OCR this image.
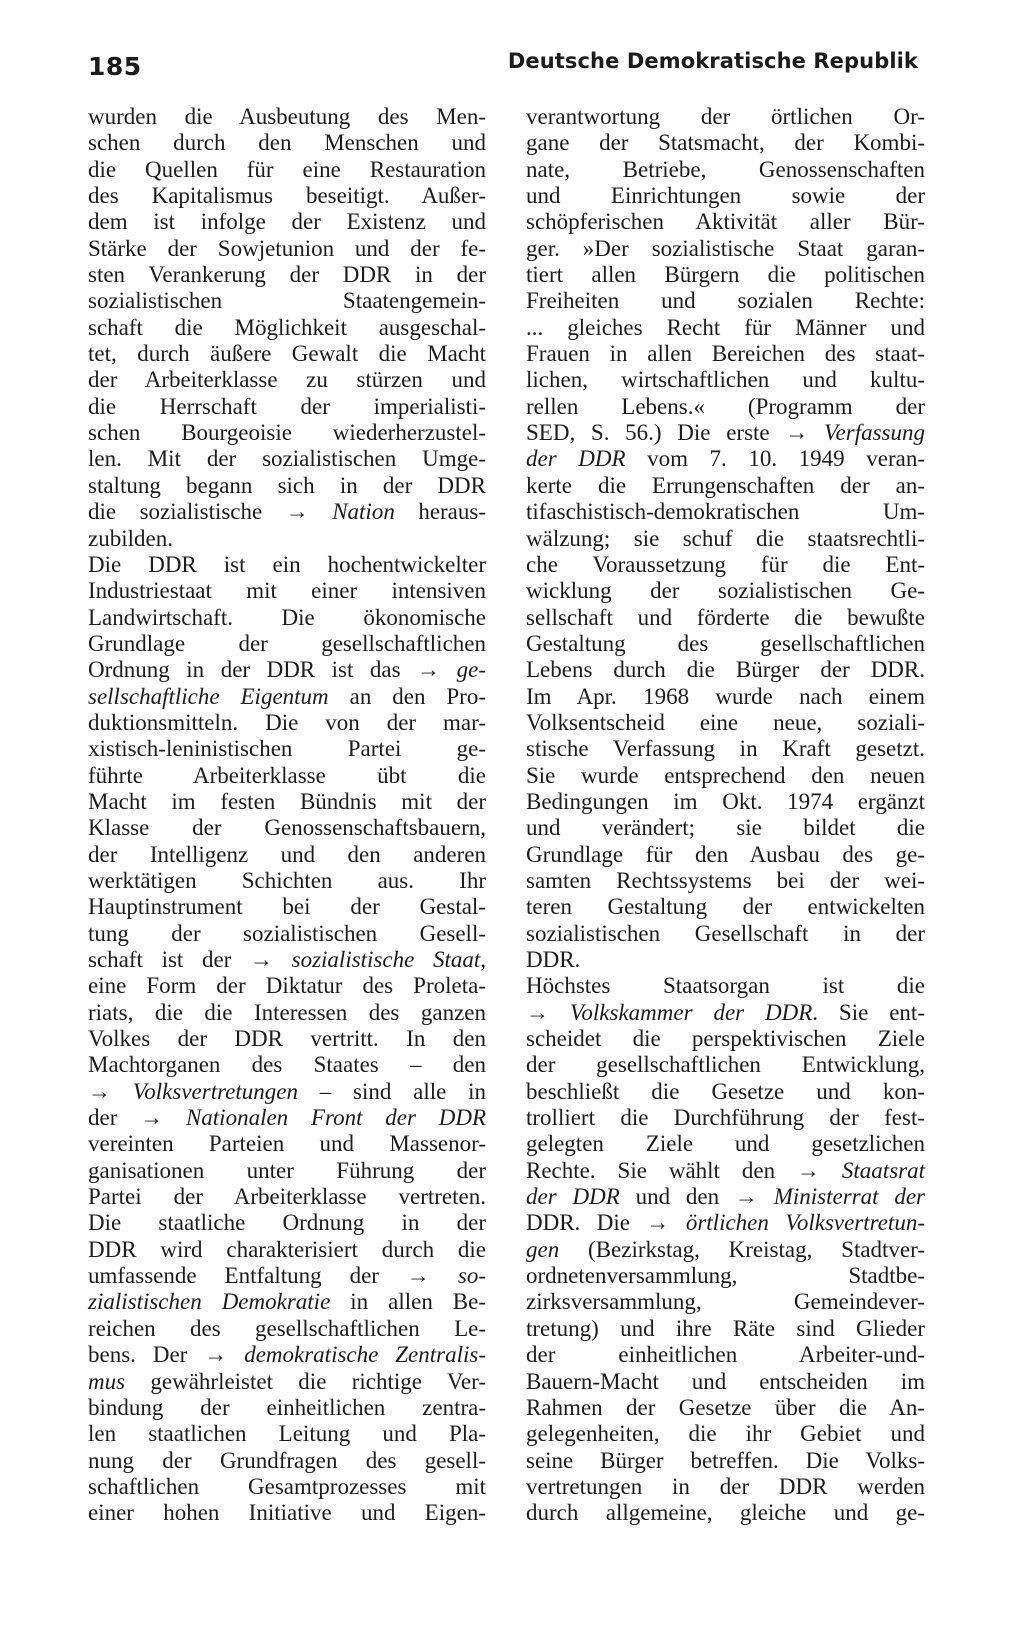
185	Deutsche Demokratische Republik
wurden die Ausbeutung des Men-
schen durch den Menschen und
die Quellen für eine Restauration
des Kapitalismus beseitigt. Außer-
dem ist infolge der Existenz und
Stärke der Sowjetunion und der fe-
sten Verankerung der DDR in der
sozialistischen Staatengemein-
schaft die Möglichkeit ausgeschal-
tet, durch äußere Gewalt die Macht
der Arbeiterklasse zu stürzen und
die Herrschaft der imperialisti-
schen Bourgeoisie wiederherzustel-
len. Mit der sozialistischen Umge-
staltung begann sich in der DDR
die sozialistische → Nation heraus-
zubilden.
Die DDR ist ein hochentwickelter
Industriestaat mit einer intensiven
Landwirtschaft. Die ökonomische
Grundlage der gesellschaftlichen
Ordnung in der DDR ist das → ge-
sellschaftliche Eigentum an den Pro-
duktionsmitteln. Die von der mar-
xistisch-leninistischen Partei ge-
führte Arbeiterklasse übt die
Macht im festen Bündnis mit der
Klasse der Genossenschaftsbauern,
der Intelligenz und den anderen
werktätigen Schichten aus. Ihr
Hauptinstrument bei der Gestal-
tung der sozialistischen Gesell-
schaft ist der → sozialistische Staat,
eine Form der Diktatur des Proleta-
riats, die die Interessen des ganzen
Volkes der DDR vertritt. In den
Machtorganen des Staates – den
→ Volksvertretungen – sind alle in
der → Nationalen Front der DDR
vereinten Parteien und Massenor-
ganisationen unter Führung der
Partei der Arbeiterklasse vertreten.
Die staatliche Ordnung in der
DDR wird charakterisiert durch die
umfassende Entfaltung der → so-
zialistischen Demokratie in allen Be-
reichen des gesellschaftlichen Le-
bens. Der → demokratische Zentralis-
mus gewährleistet die richtige Ver-
bindung der einheitlichen zentra-
len staatlichen Leitung und Pla-
nung der Grundfragen des gesell-
schaftlichen Gesamtprozesses mit
einer hohen Initiative und Eigen-
verantwortung der örtlichen Or-
gane der Statsmacht, der Kombi-
nate, Betriebe, Genossenschaften
und Einrichtungen sowie der
schöpferischen Aktivität aller Bür-
ger. »Der sozialistische Staat garan-
tiert allen Bürgern die politischen
Freiheiten und sozialen Rechte:
... gleiches Recht für Männer und
Frauen in allen Bereichen des staat-
lichen, wirtschaftlichen und kultu-
rellen Lebens.« (Programm der
SED, S. 56.) Die erste → Verfassung
der DDR vom 7. 10. 1949 veran-
kerte die Errungenschaften der an-
tifaschistisch-demokratischen Um-
wälzung; sie schuf die staatsrechtli-
che Voraussetzung für die Ent-
wicklung der sozialistischen Ge-
sellschaft und förderte die bewußte
Gestaltung des gesellschaftlichen
Lebens durch die Bürger der DDR.
Im Apr. 1968 wurde nach einem
Volksentscheid eine neue, soziali-
stische Verfassung in Kraft gesetzt.
Sie wurde entsprechend den neuen
Bedingungen im Okt. 1974 ergänzt
und verändert; sie bildet die
Grundlage für den Ausbau des ge-
samten Rechtssystems bei der wei-
teren Gestaltung der entwickelten
sozialistischen Gesellschaft in der
DDR.
Höchstes Staatsorgan ist die
→ Volkskammer der DDR. Sie ent-
scheidet die perspektivischen Ziele
der gesellschaftlichen Entwicklung,
beschließt die Gesetze und kon-
trolliert die Durchführung der fest-
gelegten Ziele und gesetzlichen
Rechte. Sie wählt den → Staatsrat
der DDR und den → Ministerrat der
DDR. Die → örtlichen Volksvertretun-
gen (Bezirkstag, Kreistag, Stadtver-
ordnetenversammlung, Stadtbe-
zirksversammlung, Gemeindever-
tretung) und ihre Räte sind Glieder
der einheitlichen Arbeiter-und-
Bauern-Macht und entscheiden im
Rahmen der Gesetze über die An-
gelegenheiten, die ihr Gebiet und
seine Bürger betreffen. Die Volks-
vertretungen in der DDR werden
durch allgemeine, gleiche und ge-
